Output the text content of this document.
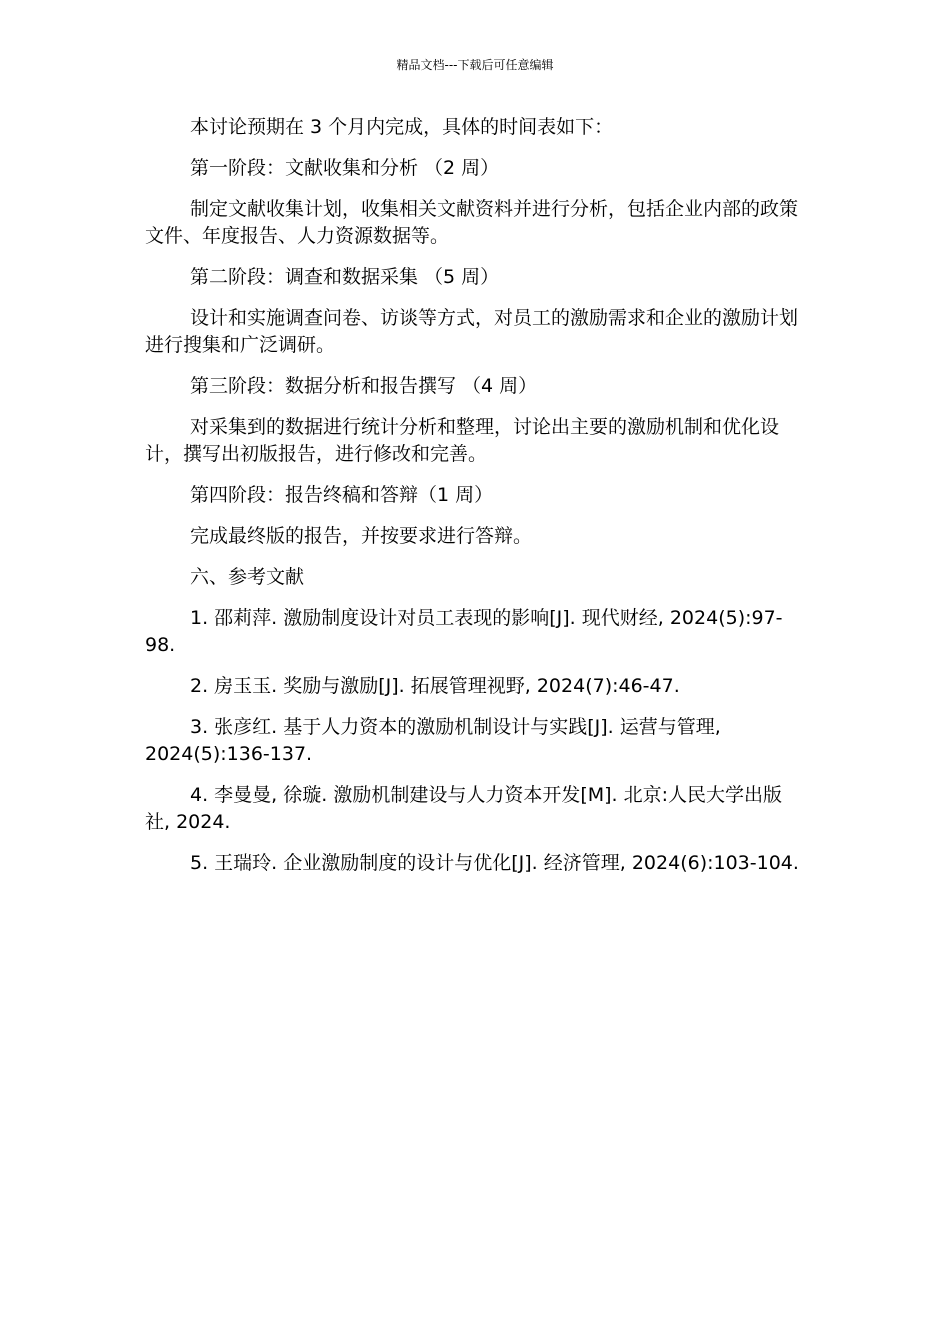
精品文档---下载后可任意编辑

本讨论预期在 3 个月内完成，具体的时间表如下：

第一阶段：文献收集和分析 （2 周）

制定文献收集计划，收集相关文献资料并进行分析，包括企业内部的政策文件、年度报告、人力资源数据等。

第二阶段：调查和数据采集 （5 周）

设计和实施调查问卷、访谈等方式，对员工的激励需求和企业的激励计划进行搜集和广泛调研。

第三阶段：数据分析和报告撰写 （4 周）

对采集到的数据进行统计分析和整理，讨论出主要的激励机制和优化设计，撰写出初版报告，进行修改和完善。

第四阶段：报告终稿和答辩（1 周）

完成最终版的报告，并按要求进行答辩。

六、参考文献

1. 邵莉萍. 激励制度设计对员工表现的影响[J]. 现代财经, 2024(5):97-98.

2. 房玉玉. 奖励与激励[J]. 拓展管理视野, 2024(7):46-47.

3. 张彦红. 基于人力资本的激励机制设计与实践[J]. 运营与管理, 2024(5):136-137.

4. 李曼曼, 徐璇. 激励机制建设与人力资本开发[M]. 北京:人民大学出版社, 2024.

5. 王瑞玲. 企业激励制度的设计与优化[J]. 经济管理, 2024(6):103-104.
